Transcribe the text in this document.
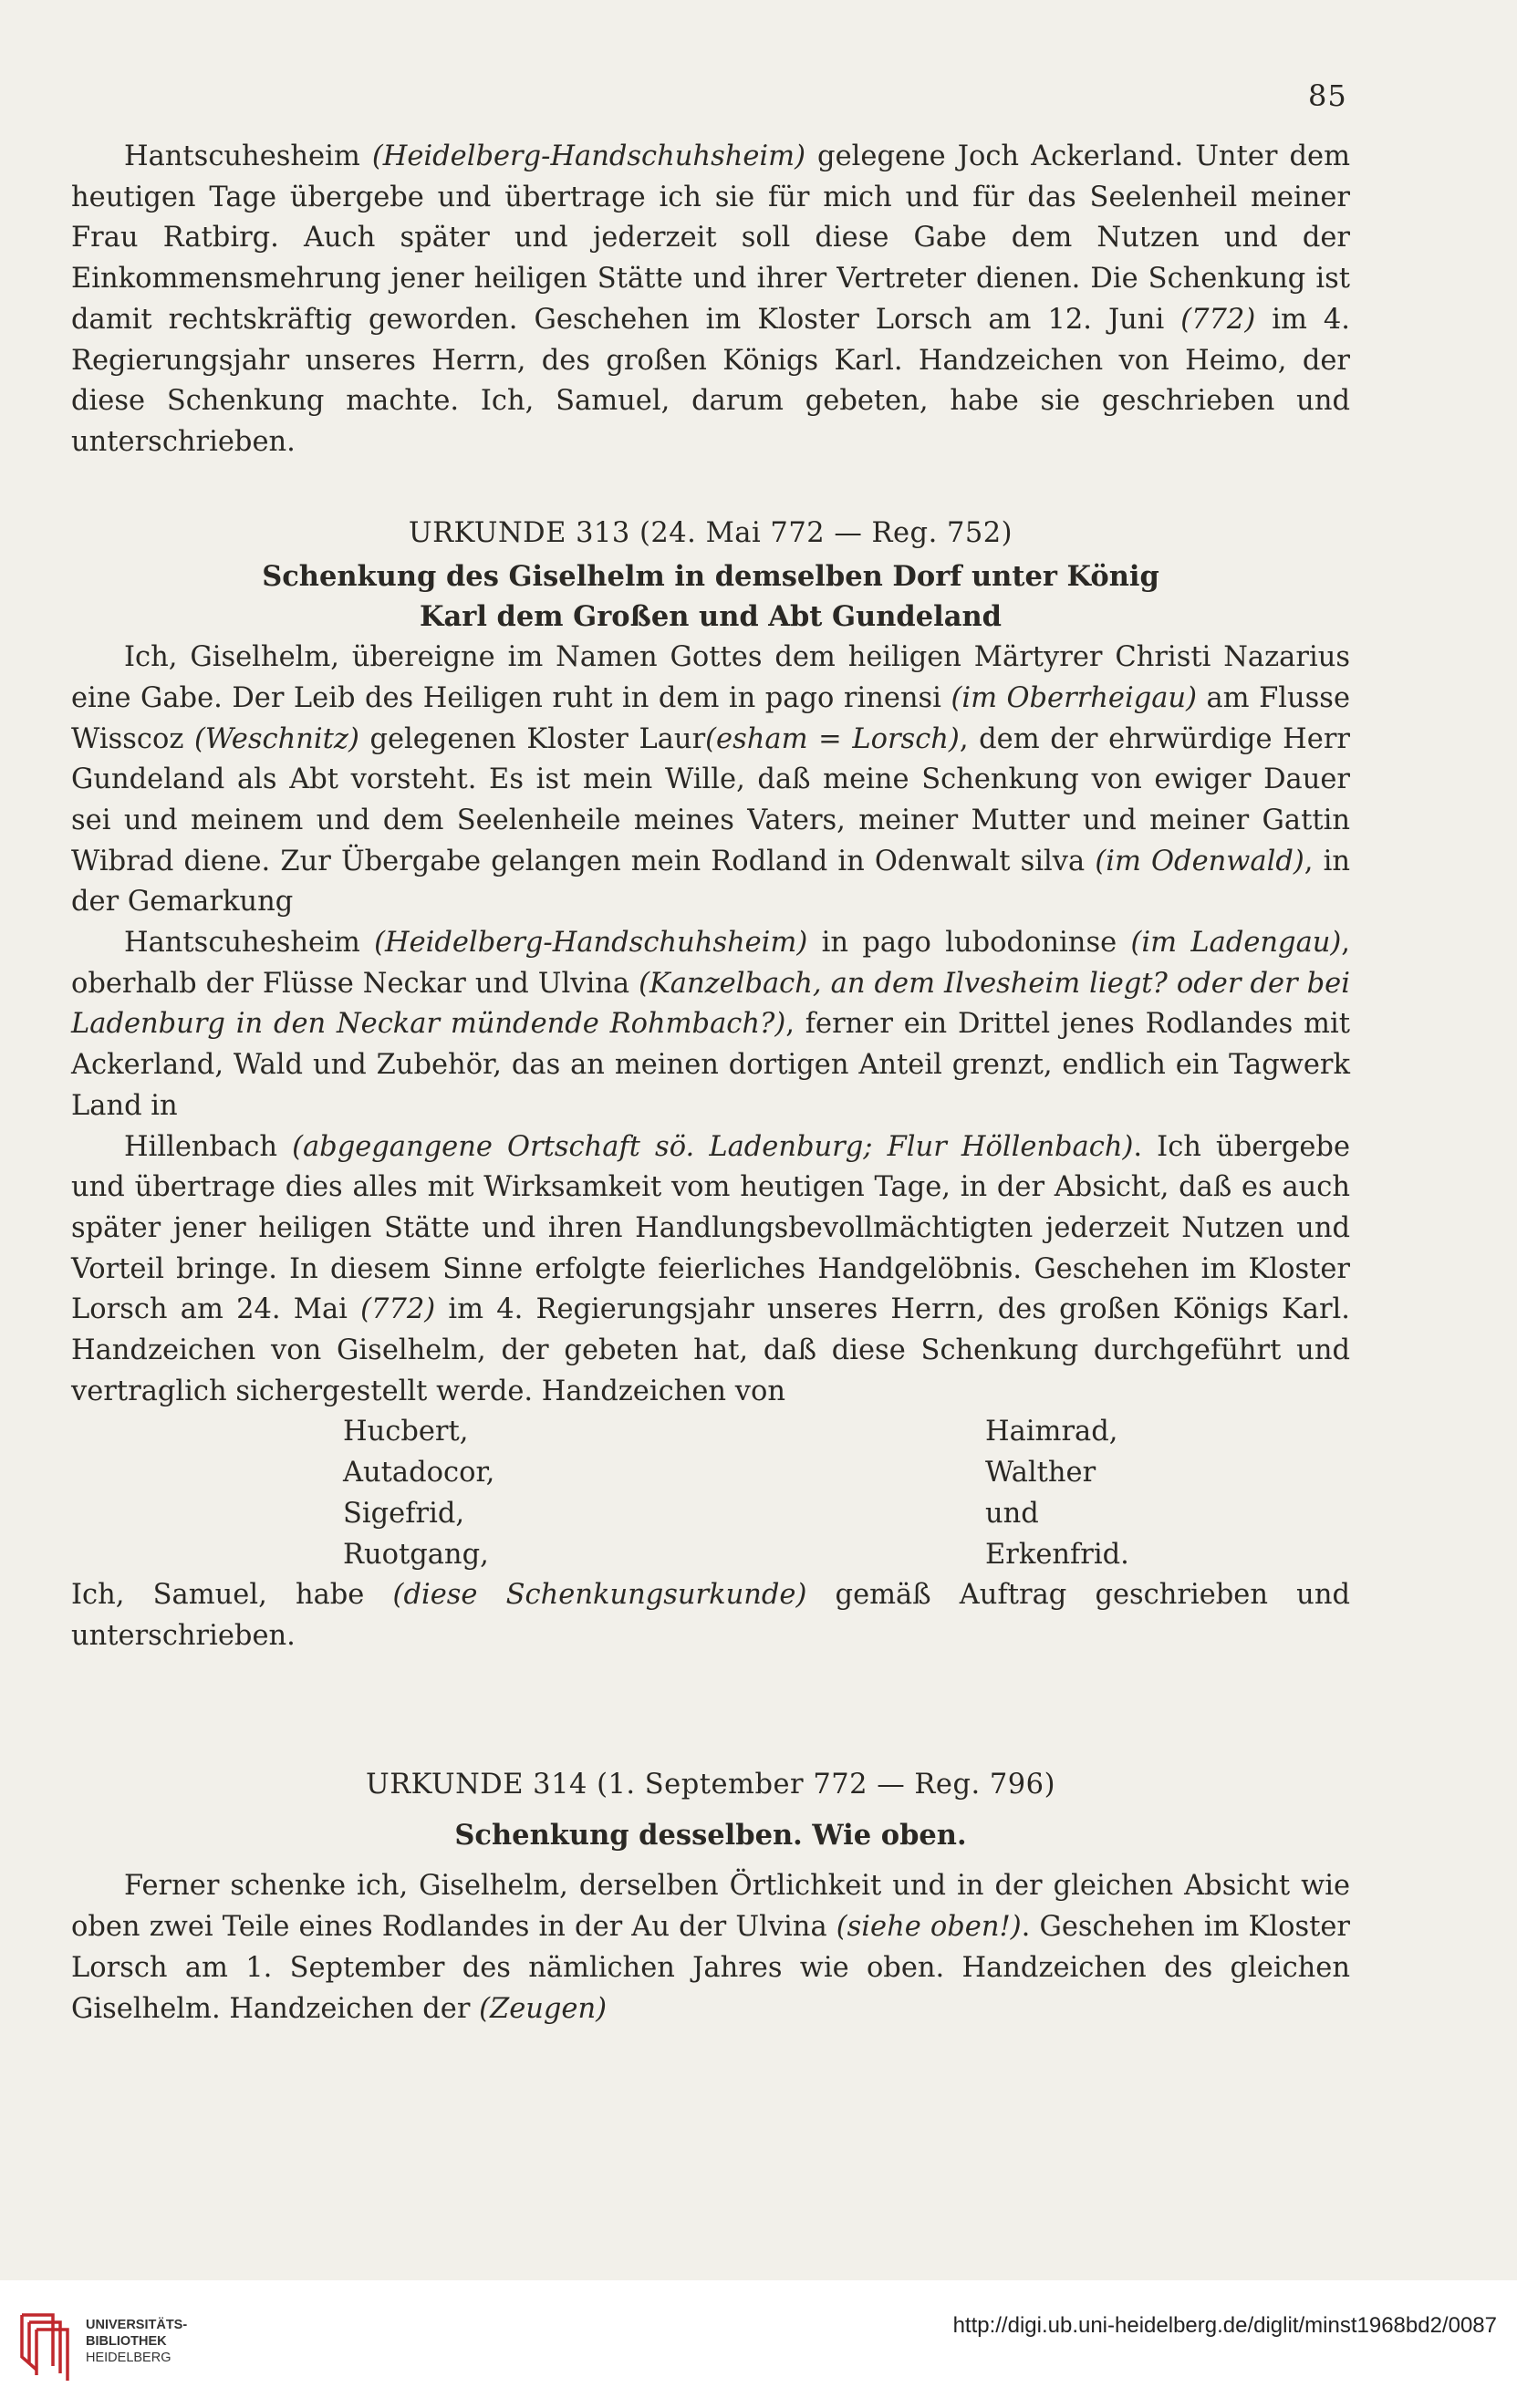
85

Hantscuhesheim (Heidelberg-Handschuhsheim) gelegene Joch Ackerland. Unter dem heutigen Tage übergebe und übertrage ich sie für mich und für das Seelenheil meiner Frau Ratbirg. Auch später und jederzeit soll diese Gabe dem Nutzen und der Einkommensmehrung jener heiligen Stätte und ihrer Vertreter dienen. Die Schenkung ist damit rechtskräftig geworden. Geschehen im Kloster Lorsch am 12. Juni (772) im 4. Regierungsjahr unseres Herrn, des großen Königs Karl. Handzeichen von Heimo, der diese Schenkung machte. Ich, Samuel, darum gebeten, habe sie geschrieben und unterschrieben.

URKUNDE 313 (24. Mai 772 — Reg. 752)

Schenkung des Giselhelm in demselben Dorf unter König

Karl dem Großen und Abt Gundeland

Ich, Giselhelm, übereigne im Namen Gottes dem heiligen Märtyrer Christi Nazarius eine Gabe. Der Leib des Heiligen ruht in dem in pago rinensi (im Oberrheigau) am Flusse Wisscoz (Weschnitz) gelegenen Kloster Laur(esham = Lorsch), dem der ehrwürdige Herr Gundeland als Abt vorsteht. Es ist mein Wille, daß meine Schenkung von ewiger Dauer sei und meinem und dem Seelenheile meines Vaters, meiner Mutter und meiner Gattin Wibrad diene. Zur Übergabe gelangen mein Rodland in Odenwalt silva (im Odenwald), in der Gemarkung

Hantscuhesheim (Heidelberg-Handschuhsheim) in pago lubodoninse (im Ladengau), oberhalb der Flüsse Neckar und Ulvina (Kanzelbach, an dem Ilvesheim liegt? oder der bei Ladenburg in den Neckar mündende Rohmbach?), ferner ein Drittel jenes Rodlandes mit Ackerland, Wald und Zubehör, das an meinen dortigen Anteil grenzt, endlich ein Tagwerk Land in

Hillenbach (abgegangene Ortschaft sö. Ladenburg; Flur Höllenbach). Ich übergebe und übertrage dies alles mit Wirksamkeit vom heutigen Tage, in der Absicht, daß es auch später jener heiligen Stätte und ihren Handlungsbevollmächtigten jederzeit Nutzen und Vorteil bringe. In diesem Sinne erfolgte feierliches Handgelöbnis. Geschehen im Kloster Lorsch am 24. Mai (772) im 4. Regierungsjahr unseres Herrn, des großen Königs Karl. Handzeichen von Giselhelm, der gebeten hat, daß diese Schenkung durchgeführt und vertraglich sichergestellt werde. Handzeichen von

Hucbert,	Haimrad,
Autadocor,	Walther
Sigefrid,	und
Ruotgang,	Erkenfrid.

Ich, Samuel, habe (diese Schenkungsurkunde) gemäß Auftrag geschrieben und unterschrieben.

URKUNDE 314 (1. September 772 — Reg. 796)

Schenkung desselben. Wie oben.

Ferner schenke ich, Giselhelm, derselben Örtlichkeit und in der gleichen Absicht wie oben zwei Teile eines Rodlandes in der Au der Ulvina (siehe oben!). Geschehen im Kloster Lorsch am 1. September des nämlichen Jahres wie oben. Handzeichen des gleichen Giselhelm. Handzeichen der (Zeugen)

UNIVERSITÄTS-
BIBLIOTHEK
HEIDELBERG
http://digi.ub.uni-heidelberg.de/diglit/minst1968bd2/0087
